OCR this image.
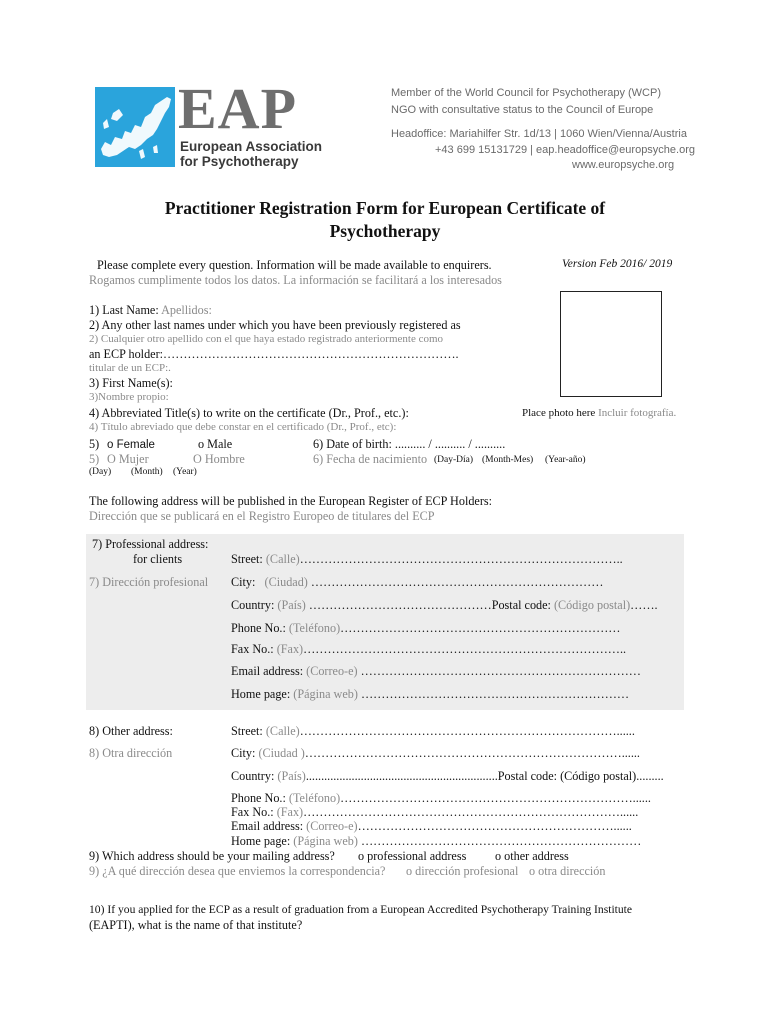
EAP
European Association
for Psychotherapy
Member of the World Council for Psychotherapy (WCP)
NGO with consultative status to the Council of Europe
Headoffice: Mariahilfer Str. 1d/13 | 1060 Wien/Vienna/Austria
+43 699 15131729 | eap.headoffice@europsyche.org
www.europsyche.org
Practitioner Registration Form for European Certificate of
Psychotherapy
Please complete every question. Information will be made available to enquirers.
Rogamos cumplimente todos los datos. La información se facilitará a los interesados
Version Feb 2016/ 2019
1) Last Name: Apellidos:
2) Any other last names under which you have been previously registered as
2) Cualquier otro apellido con el que haya estado registrado anteriormente como
an ECP holder:……………………………………………………………….
titular de un ECP:.
3) First Name(s):
3)Nombre propio:
4) Abbreviated Title(s) to write on the certificate (Dr., Prof., etc.):
4) Título abreviado que debe constar en el certificado (Dr., Prof., etc):
Place photo here Incluir fotografía.
5) o Female	o Male	6) Date of birth: .......... / .......... / ..........
5) O Mujer	O Hombre	6) Fecha de nacimiento (Day-Día) (Month-Mes) (Year-año)
(Day) (Month) (Year)
The following address will be published in the European Register of ECP Holders:
Dirección que se publicará en el Registro Europeo de titulares del ECP
7) Professional address:
for clients
7) Dirección profesional
Street: (Calle)……………………………………………………………………..
City: (Ciudad) ………………………………………………………………
Country: (País) ………………………………………Postal code: (Código postal)…….
Phone No.: (Teléfono)……………………………………………………………
Fax No.: (Fax)……………………………………………………………………..
Email address: (Correo-e) ……………………………………………………………
Home page: (Página web) …………………………………………………………
8) Other address:
8) Otra dirección
Street: (Calle)……………………………………………………………………......
City: (Ciudad )……………………………………………………………………......
Country: (País)...............................................................Postal code: (Código postal).........
Phone No.: (Teléfono)………………………………………………………………......
Fax No.: (Fax)……………………………………………………………………......
Email address: (Correo-e)………………………………………………………......
Home page: (Página web) ……………………………………………………………
9) Which address should be your mailing address? o professional address o other address
9) ¿A qué dirección desea que enviemos la correspondencia? o dirección profesional o otra dirección
10) If you applied for the ECP as a result of graduation from a European Accredited Psychotherapy Training Institute
(EAPTI), what is the name of that institute?
